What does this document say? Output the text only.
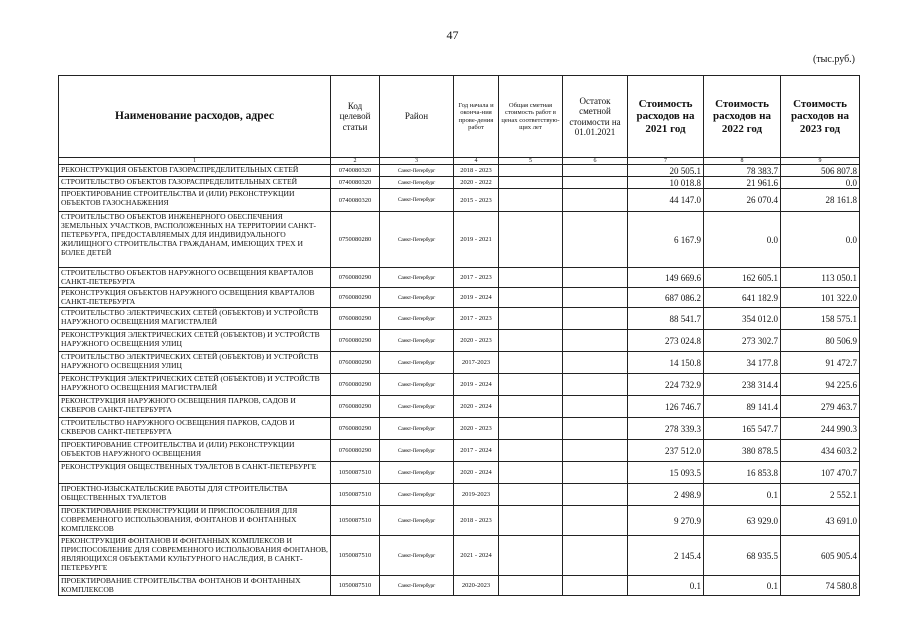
47
(тыс.руб.)
Наименование расходов, адрес	Код целевой статьи	Район	Год начала и оконча-ния прове-дения работ	Общая сметная стоимость работ в ценах соответствую-щих лет	Остаток сметной стоимости на 01.01.2021	Стоимость расходов на 2021 год	Стоимость расходов на 2022 год	Стоимость расходов на 2023 год
1	2	3	4	5	6	7	8	9
РЕКОНСТРУКЦИЯ ОБЪЕКТОВ ГАЗОРАСПРЕДЕЛИТЕЛЬНЫХ СЕТЕЙ	0740080320	Санкт-Петербург	2018 - 2023			20 505.1	78 383.7	506 807.8
СТРОИТЕЛЬСТВО ОБЪЕКТОВ ГАЗОРАСПРЕДЕЛИТЕЛЬНЫХ СЕТЕЙ	0740080320	Санкт-Петербург	2020 - 2022			10 018.8	21 961.6	0.0
ПРОЕКТИРОВАНИЕ СТРОИТЕЛЬСТВА И (ИЛИ) РЕКОНСТРУКЦИИ ОБЪЕКТОВ ГАЗОСНАБЖЕНИЯ	0740080320	Санкт-Петербург	2015 - 2023			44 147.0	26 070.4	28 161.8
СТРОИТЕЛЬСТВО ОБЪЕКТОВ ИНЖЕНЕРНОГО ОБЕСПЕЧЕНИЯ ЗЕМЕЛЬНЫХ УЧАСТКОВ, РАСПОЛОЖЕННЫХ НА ТЕРРИТОРИИ САНКТ-ПЕТЕРБУРГА, ПРЕДОСТАВЛЯЕМЫХ ДЛЯ ИНДИВИДУАЛЬНОГО ЖИЛИЩНОГО СТРОИТЕЛЬСТВА ГРАЖДАНАМ, ИМЕЮЩИХ ТРЕХ И БОЛЕЕ ДЕТЕЙ	0750080280	Санкт-Петербург	2019 - 2021			6 167.9	0.0	0.0
СТРОИТЕЛЬСТВО ОБЪЕКТОВ НАРУЖНОГО ОСВЕЩЕНИЯ КВАРТАЛОВ САНКТ-ПЕТЕРБУРГА	0760080290	Санкт-Петербург	2017 - 2023			149 669.6	162 605.1	113 050.1
РЕКОНСТРУКЦИЯ ОБЪЕКТОВ НАРУЖНОГО ОСВЕЩЕНИЯ КВАРТАЛОВ САНКТ-ПЕТЕРБУРГА	0760080290	Санкт-Петербург	2019 - 2024			687 086.2	641 182.9	101 322.0
СТРОИТЕЛЬСТВО ЭЛЕКТРИЧЕСКИХ СЕТЕЙ (ОБЪЕКТОВ) И УСТРОЙСТВ НАРУЖНОГО ОСВЕЩЕНИЯ МАГИСТРАЛЕЙ	0760080290	Санкт-Петербург	2017 - 2023			88 541.7	354 012.0	158 575.1
РЕКОНСТРУКЦИЯ ЭЛЕКТРИЧЕСКИХ СЕТЕЙ (ОБЪЕКТОВ) И УСТРОЙСТВ НАРУЖНОГО ОСВЕЩЕНИЯ УЛИЦ	0760080290	Санкт-Петербург	2020 - 2023			273 024.8	273 302.7	80 506.9
СТРОИТЕЛЬСТВО ЭЛЕКТРИЧЕСКИХ СЕТЕЙ (ОБЪЕКТОВ) И УСТРОЙСТВ НАРУЖНОГО ОСВЕЩЕНИЯ УЛИЦ	0760080290	Санкт-Петербург	2017-2023			14 150.8	34 177.8	91 472.7
РЕКОНСТРУКЦИЯ ЭЛЕКТРИЧЕСКИХ СЕТЕЙ (ОБЪЕКТОВ) И УСТРОЙСТВ НАРУЖНОГО ОСВЕЩЕНИЯ МАГИСТРАЛЕЙ	0760080290	Санкт-Петербург	2019 - 2024			224 732.9	238 314.4	94 225.6
РЕКОНСТРУКЦИЯ НАРУЖНОГО ОСВЕЩЕНИЯ ПАРКОВ, САДОВ И СКВЕРОВ САНКТ-ПЕТЕРБУРГА	0760080290	Санкт-Петербург	2020 - 2024			126 746.7	89 141.4	279 463.7
СТРОИТЕЛЬСТВО НАРУЖНОГО ОСВЕЩЕНИЯ ПАРКОВ, САДОВ И СКВЕРОВ САНКТ-ПЕТЕРБУРГА	0760080290	Санкт-Петербург	2020 - 2023			278 339.3	165 547.7	244 990.3
ПРОЕКТИРОВАНИЕ СТРОИТЕЛЬСТВА И (ИЛИ) РЕКОНСТРУКЦИИ ОБЪЕКТОВ НАРУЖНОГО ОСВЕЩЕНИЯ	0760080290	Санкт-Петербург	2017 - 2024			237 512.0	380 878.5	434 603.2
РЕКОНСТРУКЦИЯ ОБЩЕСТВЕННЫХ ТУАЛЕТОВ В САНКТ-ПЕТЕРБУРГЕ	1050087510	Санкт-Петербург	2020 - 2024			15 093.5	16 853.8	107 470.7
ПРОЕКТНО-ИЗЫСКАТЕЛЬСКИЕ РАБОТЫ ДЛЯ СТРОИТЕЛЬСТВА ОБЩЕСТВЕННЫХ ТУАЛЕТОВ	1050087510	Санкт-Петербург	2019-2023			2 498.9	0.1	2 552.1
ПРОЕКТИРОВАНИЕ РЕКОНСТРУКЦИИ И ПРИСПОСОБЛЕНИЯ ДЛЯ СОВРЕМЕННОГО ИСПОЛЬЗОВАНИЯ, ФОНТАНОВ И ФОНТАННЫХ КОМПЛЕКСОВ	1050087510	Санкт-Петербург	2018 - 2023			9 270.9	63 929.0	43 691.0
РЕКОНСТРУКЦИЯ ФОНТАНОВ И ФОНТАННЫХ КОМПЛЕКСОВ И ПРИСПОСОБЛЕНИЕ ДЛЯ СОВРЕМЕННОГО ИСПОЛЬЗОВАНИЯ ФОНТАНОВ, ЯВЛЯЮЩИХСЯ ОБЪЕКТАМИ КУЛЬТУРНОГО НАСЛЕДИЯ, В САНКТ-ПЕТЕРБУРГЕ	1050087510	Санкт-Петербург	2021 - 2024			2 145.4	68 935.5	605 905.4
ПРОЕКТИРОВАНИЕ СТРОИТЕЛЬСТВА ФОНТАНОВ И ФОНТАННЫХ КОМПЛЕКСОВ	1050087510	Санкт-Петербург	2020-2023			0.1	0.1	74 580.8
